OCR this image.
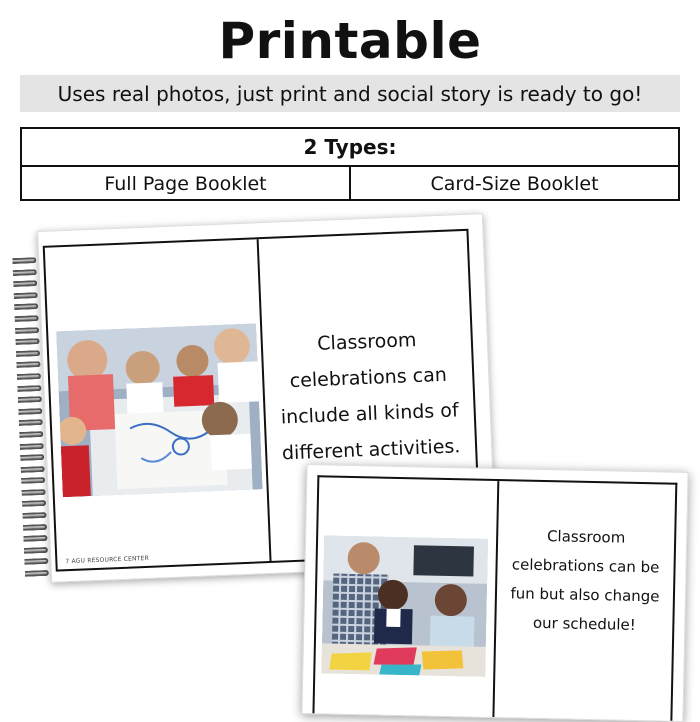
Printable
Uses real photos, just print and social story is ready to go!
2 Types:
Full Page Booklet	Card-Size Booklet
7 AGU RESOURCE CENTER
Classroom
celebrations can
include all kinds of
different activities.
Classroom
celebrations can be
fun but also change
our schedule!
